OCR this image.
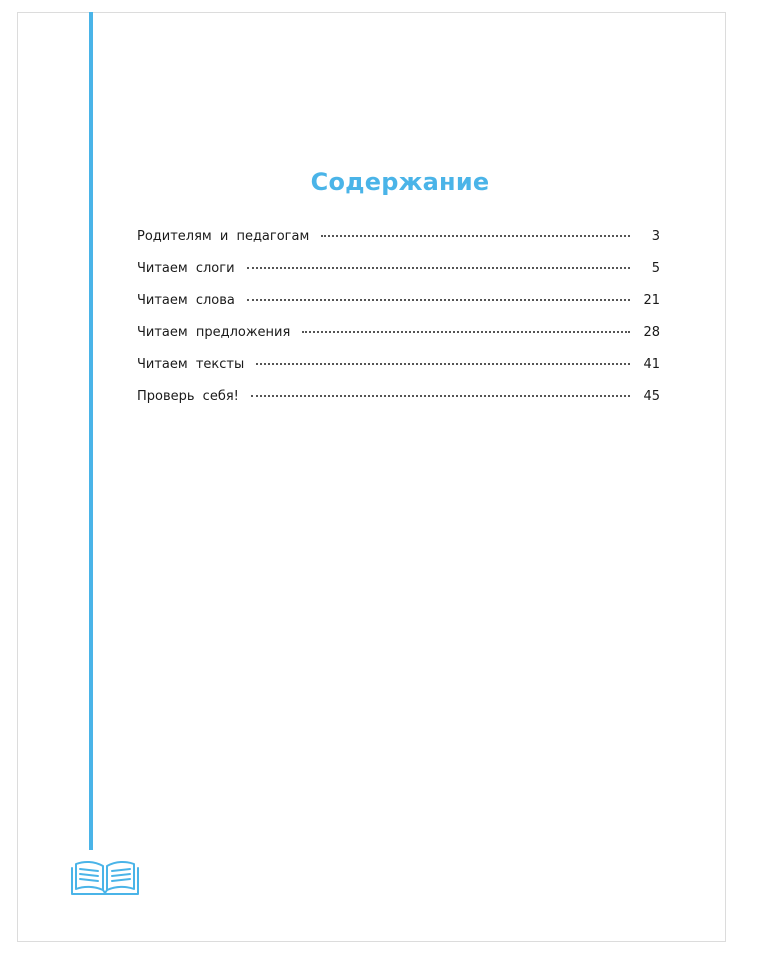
Содержание
Родителям и педагогам	3
Читаем слоги	5
Читаем слова	21
Читаем предложения	28
Читаем тексты	41
Проверь себя!	45
